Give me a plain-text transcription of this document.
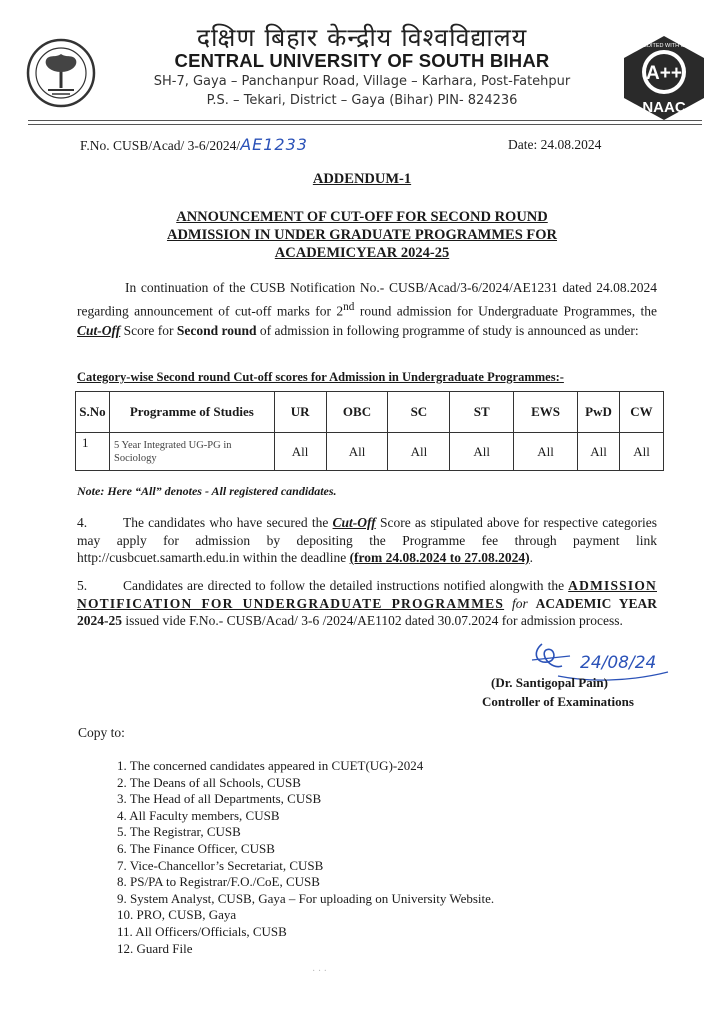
दक्षिण बिहार केन्द्रीय विश्वविद्यालय
CENTRAL UNIVERSITY OF SOUTH BIHAR
SH-7, Gaya – Panchanpur Road, Village – Karhara, Post-Fatehpur
P.S. – Tekari, District – Gaya (Bihar) PIN- 824236
A++
NAAC
ACCREDITED WITH GRADE
F.No. CUSB/Acad/ 3-6/2024/AE1233	Date: 24.08.2024
ADDENDUM-1
ANNOUNCEMENT OF CUT-OFF FOR SECOND ROUND
ADMISSION IN UNDER GRADUATE PROGRAMMES FOR
ACADEMICYEAR 2024-25
In continuation of the CUSB Notification No.- CUSB/Acad/3-6/2024/AE1231 dated 24.08.2024 regarding announcement of cut-off marks for 2nd round admission for Undergraduate Programmes, the Cut-Off Score for Second round of admission in following programme of study is announced as under:
Category-wise Second round Cut-off scores for Admission in Undergraduate Programmes:-
S.No	Programme of Studies	UR	OBC	SC	ST	EWS	PwD	CW
1	5 Year Integrated UG-PG in Sociology	All	All	All	All	All	All	All
Note: Here “All” denotes - All registered candidates.
4.	The candidates who have secured the Cut-Off Score as stipulated above for respective categories may apply for admission by depositing the Programme fee through payment link http://cusbcuet.samarth.edu.in within the deadline (from 24.08.2024 to 27.08.2024).
5.	Candidates are directed to follow the detailed instructions notified alongwith the ADMISSION NOTIFICATION FOR UNDERGRADUATE PROGRAMMES for ACADEMIC YEAR 2024-25 issued vide F.No.- CUSB/Acad/ 3-6 /2024/AE1102 dated 30.07.2024 for admission process.
24/08/24
(Dr. Santigopal Pain)
Controller of Examinations
Copy to:
1. The concerned candidates appeared in CUET(UG)-2024
2. The Deans of all Schools, CUSB
3. The Head of all Departments, CUSB
4. All Faculty members, CUSB
5. The Registrar, CUSB
6. The Finance Officer, CUSB
7. Vice-Chancellor’s Secretariat, CUSB
8. PS/PA to Registrar/F.O./CoE, CUSB
9. System Analyst, CUSB, Gaya – For uploading on University Website.
10. PRO, CUSB, Gaya
11. All Officers/Officials, CUSB
12. Guard File
· · ·
